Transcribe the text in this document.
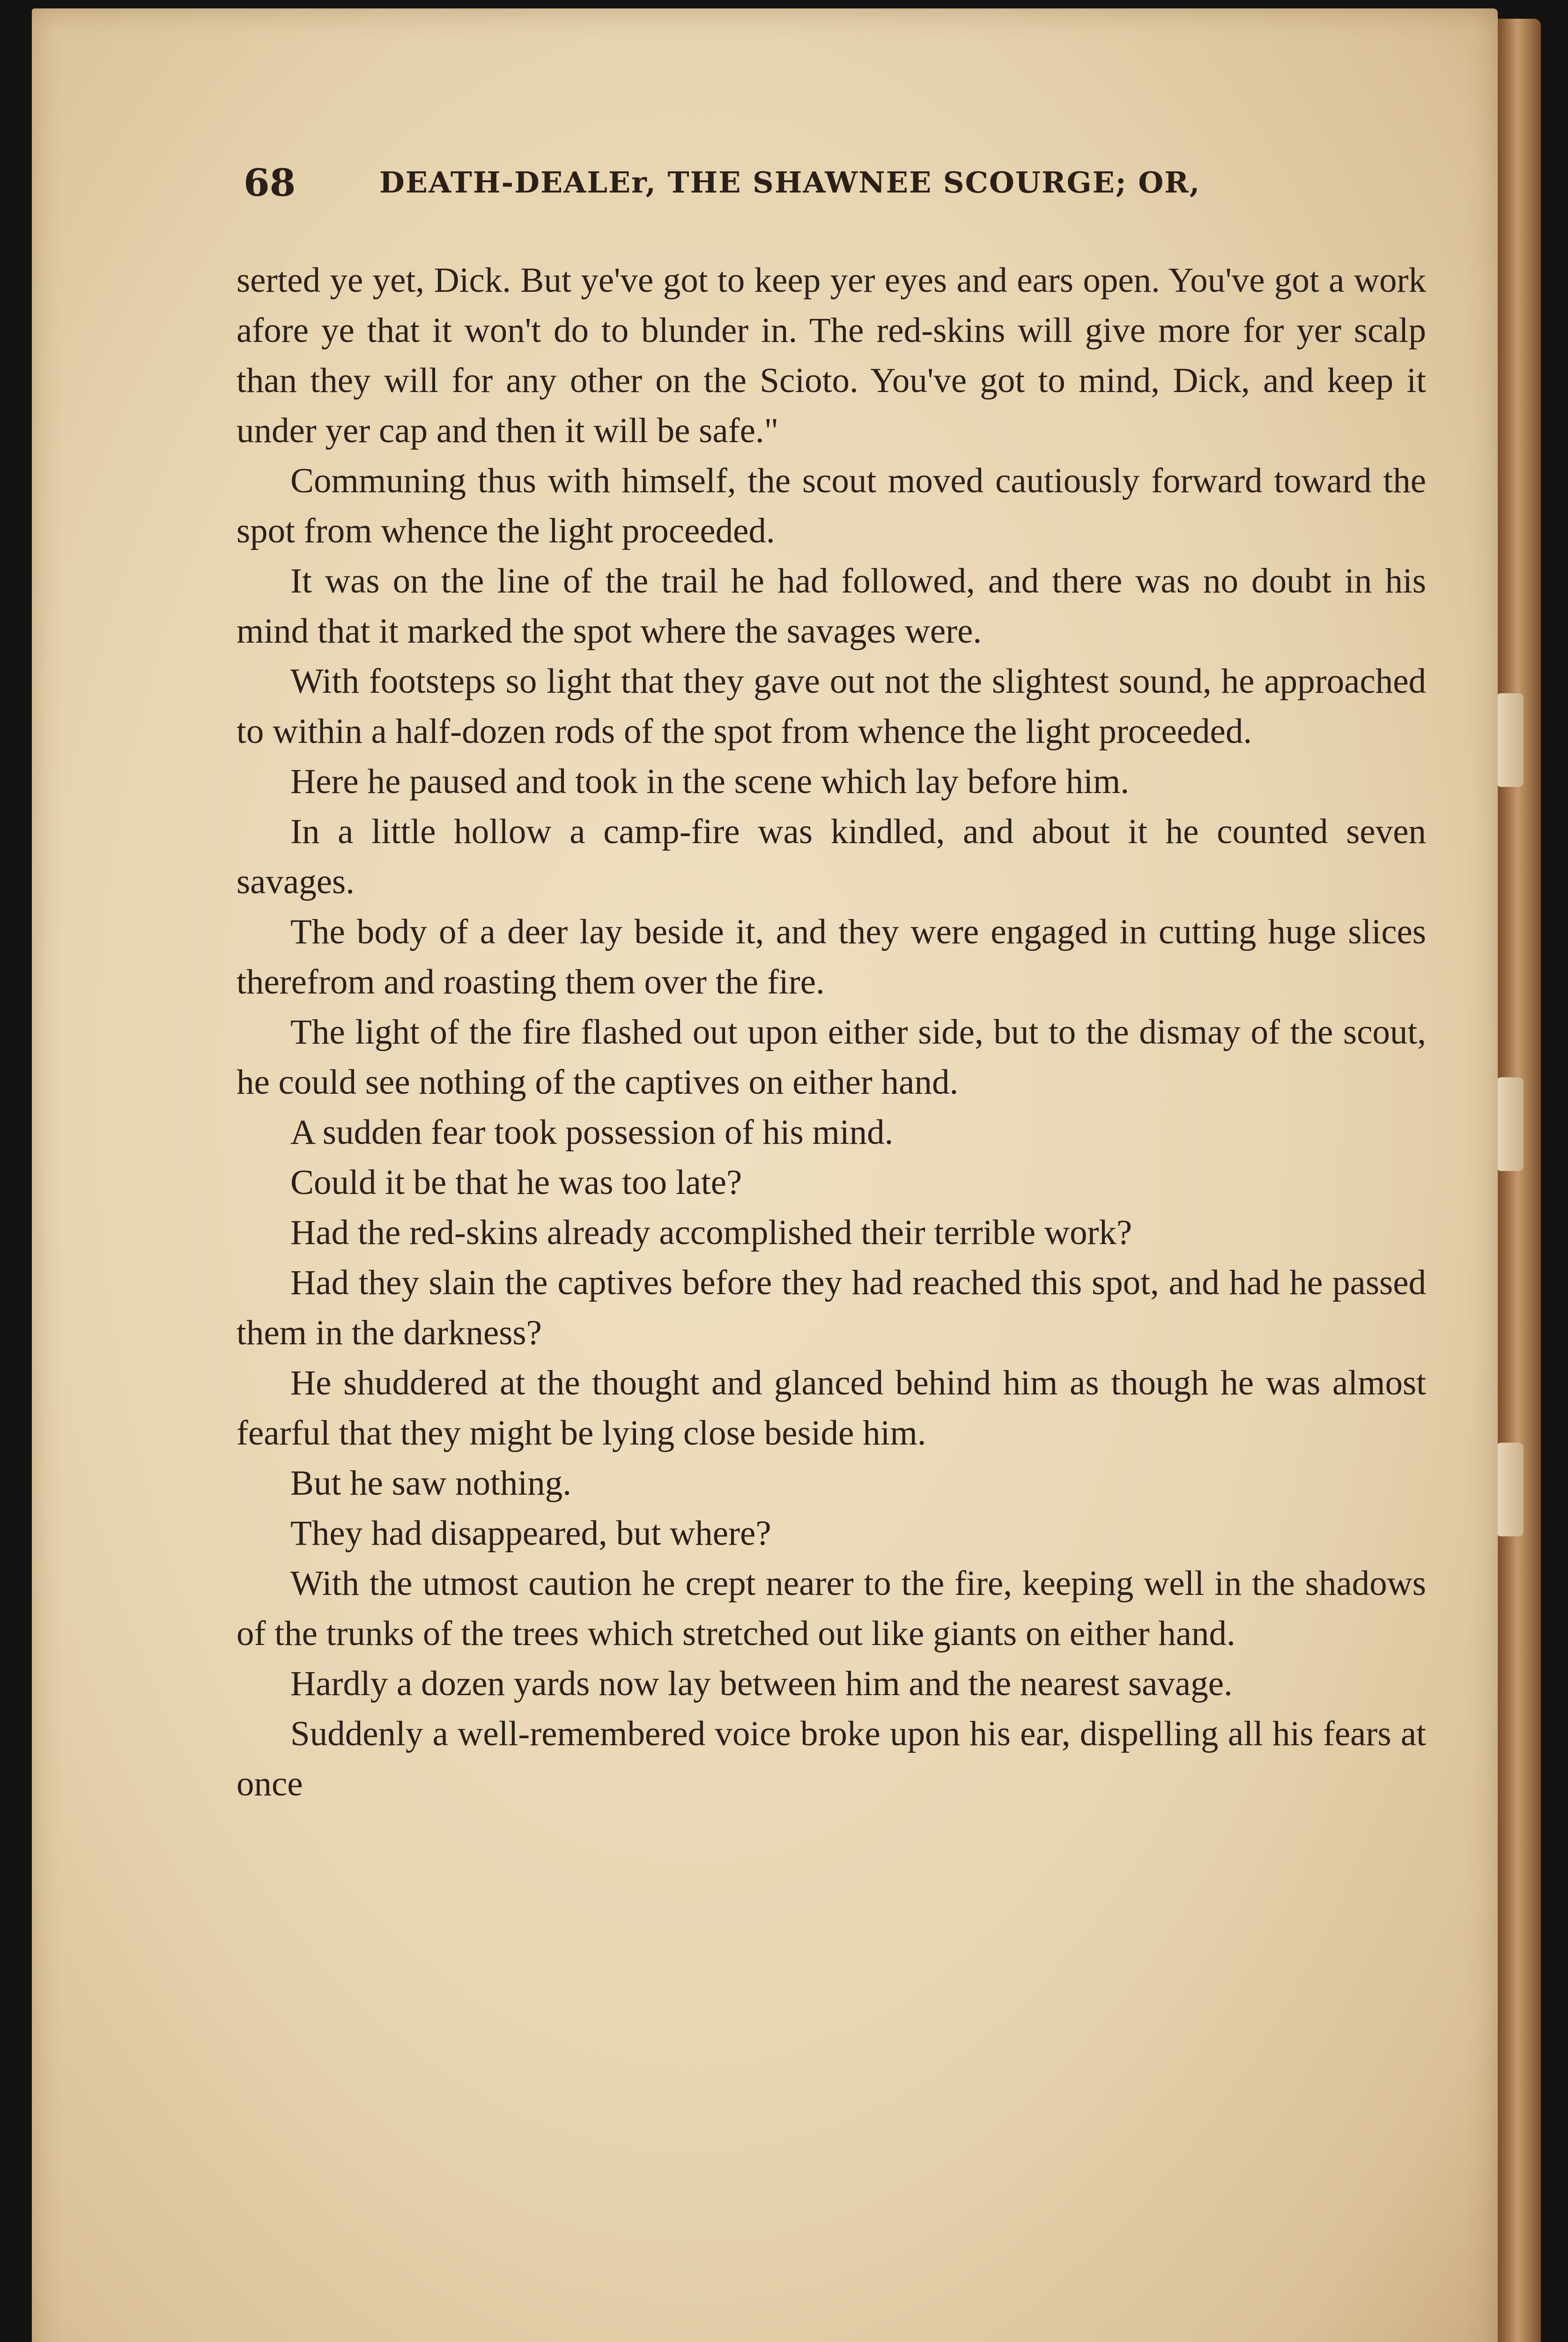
68	DEATH-DEALEr, THE SHAWNEE SCOURGE; OR,

serted ye yet, Dick. But ye've got to keep yer eyes and ears open. You've got a work afore ye that it won't do to blunder in. The red-skins will give more for yer scalp than they will for any other on the Scioto. You've got to mind, Dick, and keep it under yer cap and then it will be safe."

Communing thus with himself, the scout moved cautiously forward toward the spot from whence the light proceeded.

It was on the line of the trail he had followed, and there was no doubt in his mind that it marked the spot where the savages were.

With footsteps so light that they gave out not the slightest sound, he approached to within a half-dozen rods of the spot from whence the light proceeded.

Here he paused and took in the scene which lay before him.

In a little hollow a camp-fire was kindled, and about it he counted seven savages.

The body of a deer lay beside it, and they were engaged in cutting huge slices therefrom and roasting them over the fire.

The light of the fire flashed out upon either side, but to the dismay of the scout, he could see nothing of the captives on either hand.

A sudden fear took possession of his mind.

Could it be that he was too late?

Had the red-skins already accomplished their terrible work?

Had they slain the captives before they had reached this spot, and had he passed them in the darkness?

He shuddered at the thought and glanced behind him as though he was almost fearful that they might be lying close beside him.

But he saw nothing.

They had disappeared, but where?

With the utmost caution he crept nearer to the fire, keeping well in the shadows of the trunks of the trees which stretched out like giants on either hand.

Hardly a dozen yards now lay between him and the nearest savage.

Suddenly a well-remembered voice broke upon his ear, dispelling all his fears at once
